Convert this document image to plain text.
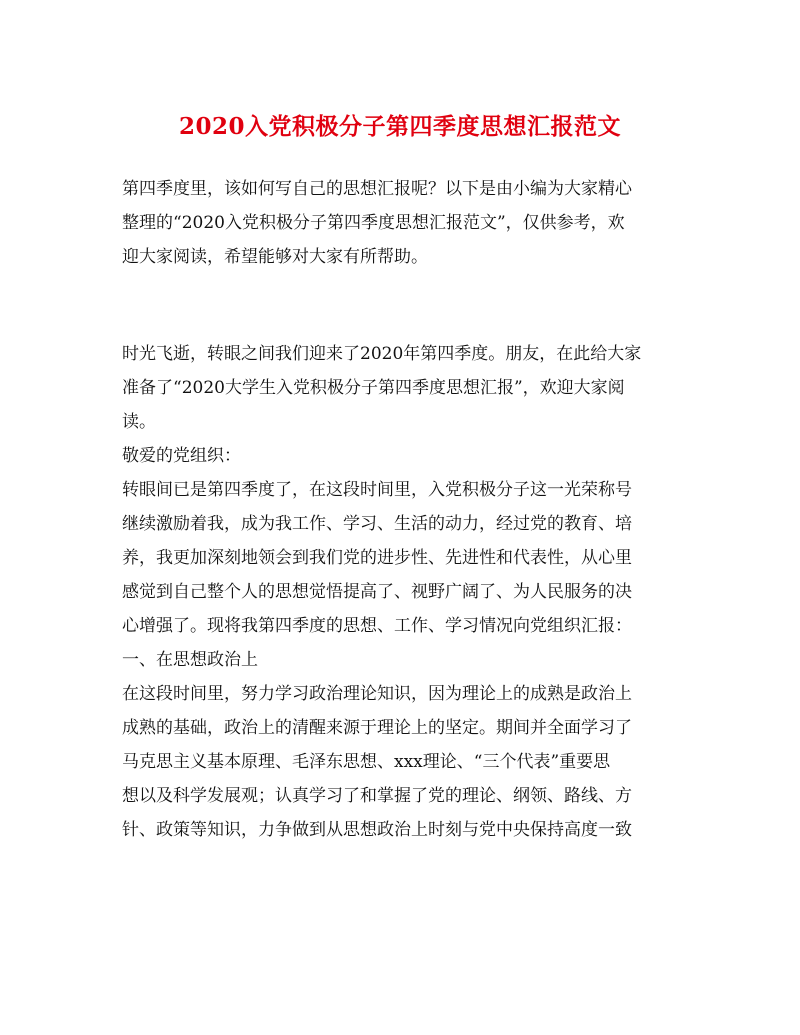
2020入党积极分子第四季度思想汇报范文

第四季度里，该如何写自己的思想汇报呢？以下是由小编为大家精心

整理的“2020入党积极分子第四季度思想汇报范文”，仅供参考，欢

迎大家阅读，希望能够对大家有所帮助。

时光飞逝，转眼之间我们迎来了2020年第四季度。朋友，在此给大家

准备了“2020大学生入党积极分子第四季度思想汇报”，欢迎大家阅

读。

敬爱的党组织：

转眼间已是第四季度了，在这段时间里，入党积极分子这一光荣称号

继续激励着我，成为我工作、学习、生活的动力，经过党的教育、培

养，我更加深刻地领会到我们党的进步性、先进性和代表性，从心里

感觉到自己整个人的思想觉悟提高了、视野广阔了、为人民服务的决

心增强了。现将我第四季度的思想、工作、学习情况向党组织汇报：

一、在思想政治上

在这段时间里，努力学习政治理论知识，因为理论上的成熟是政治上

成熟的基础，政治上的清醒来源于理论上的坚定。期间并全面学习了

马克思主义基本原理、毛泽东思想、xxx理论、“三个代表”重要思

想以及科学发展观；认真学习了和掌握了党的理论、纲领、路线、方

针、政策等知识，力争做到从思想政治上时刻与党中央保持高度一致
